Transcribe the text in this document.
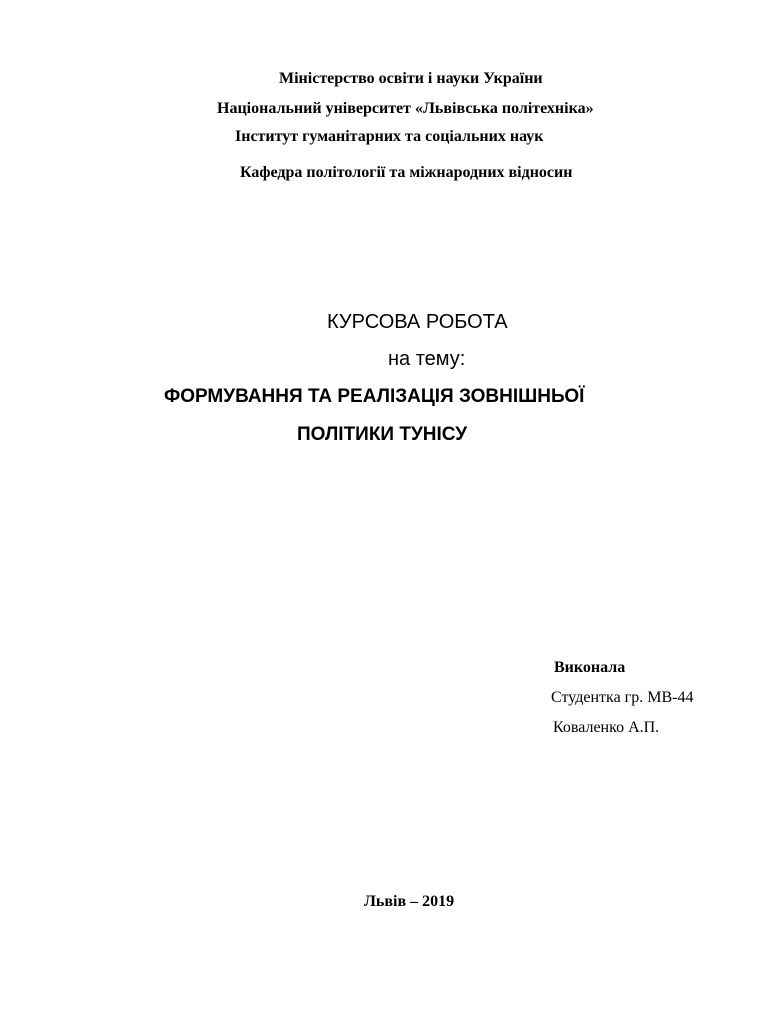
Міністерство освіти і науки України
Національний університет «Львівська політехніка»
Інститут гуманітарних та соціальних наук
Кафедра політології та міжнародних відносин
КУРСОВА РОБОТА
на тему:
ФОРМУВАННЯ ТА РЕАЛІЗАЦІЯ ЗОВНІШНЬОЇ
ПОЛІТИКИ ТУНІСУ
Виконала
Студентка гр. МВ-44
Коваленко А.П.
Львів – 2019
